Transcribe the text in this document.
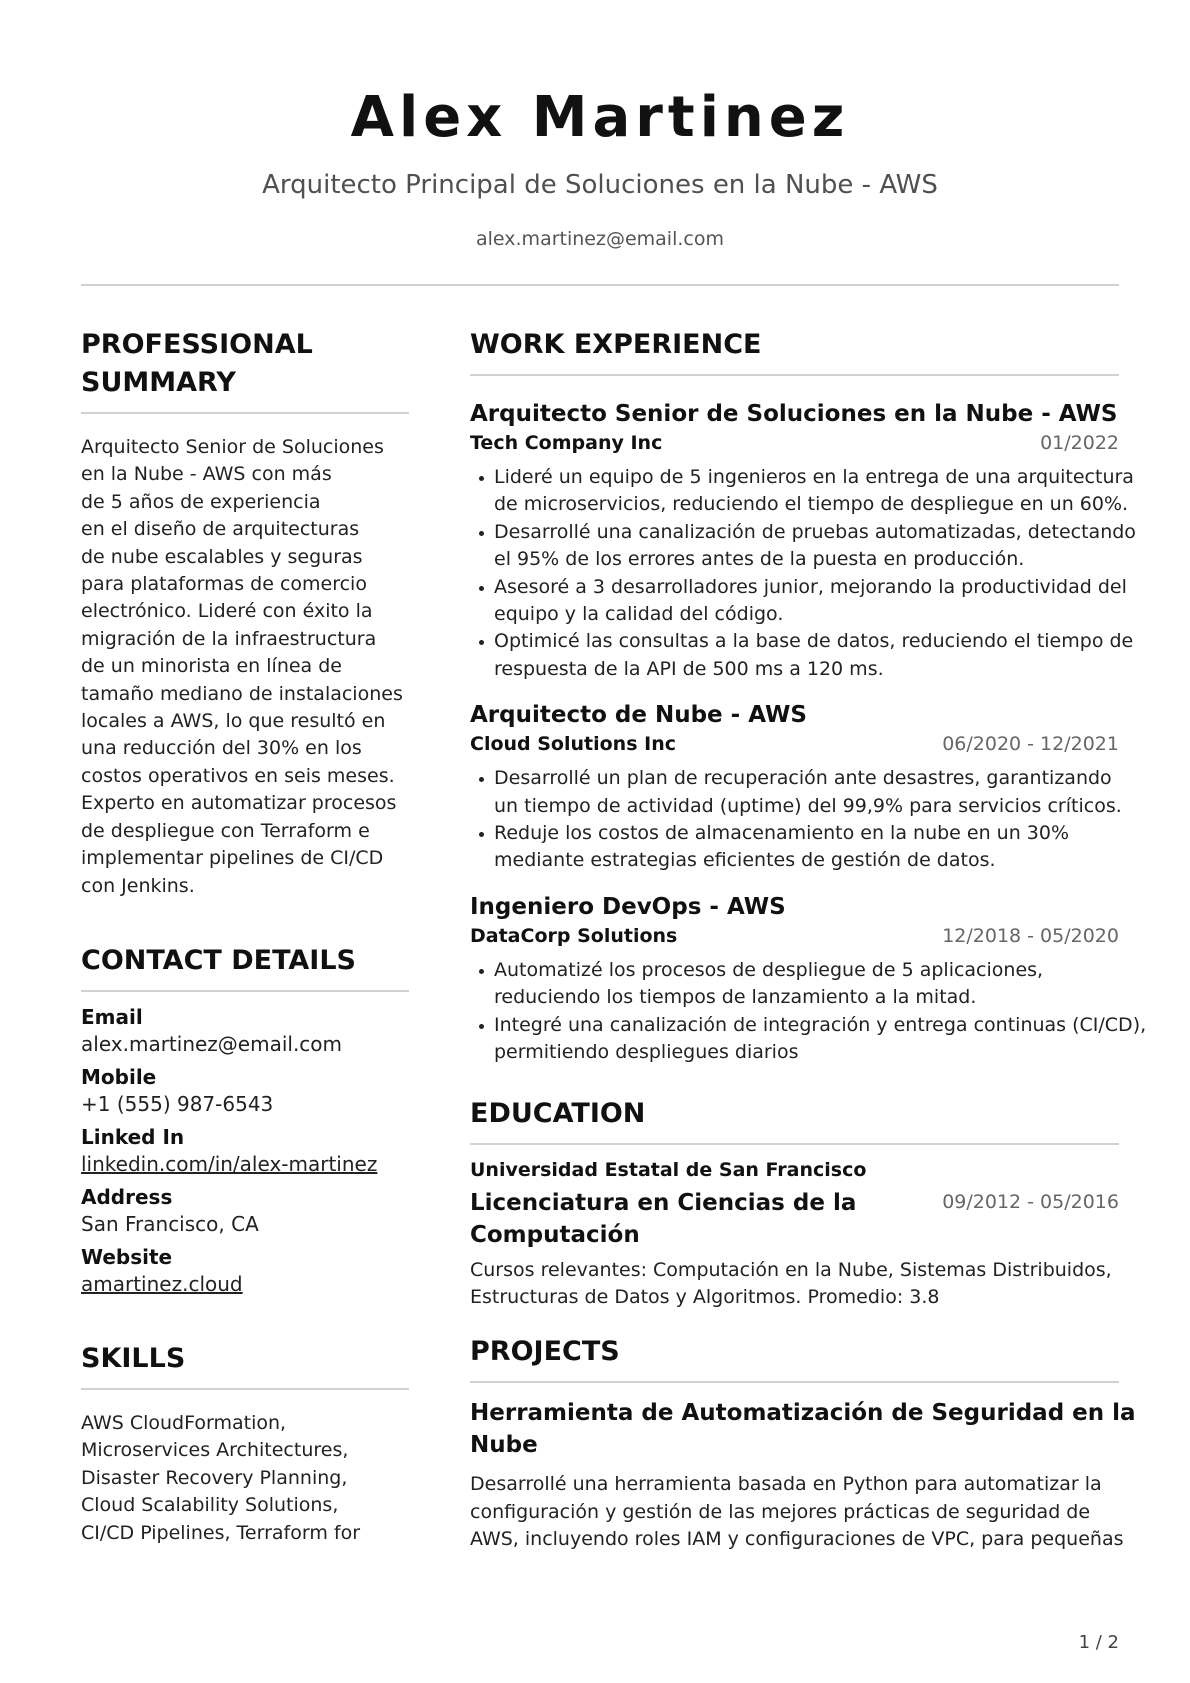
Alex Martinez
Arquitecto Principal de Soluciones en la Nube - AWS
alex.martinez@email.com
PROFESSIONAL
SUMMARY
Arquitecto Senior de Soluciones
en la Nube - AWS con más
de 5 años de experiencia
en el diseño de arquitecturas
de nube escalables y seguras
para plataformas de comercio
electrónico. Lideré con éxito la
migración de la infraestructura
de un minorista en línea de
tamaño mediano de instalaciones
locales a AWS, lo que resultó en
una reducción del 30% en los
costos operativos en seis meses.
Experto en automatizar procesos
de despliegue con Terraform e
implementar pipelines de CI/CD
con Jenkins.
CONTACT DETAILS
Email
alex.martinez@email.com
Mobile
+1 (555) 987-6543
Linked In
linkedin.com/in/alex-martinez
Address
San Francisco, CA
Website
amartinez.cloud
SKILLS
AWS CloudFormation,
Microservices Architectures,
Disaster Recovery Planning,
Cloud Scalability Solutions,
CI/CD Pipelines, Terraform for
WORK EXPERIENCE
Arquitecto Senior de Soluciones en la Nube - AWS
Tech Company Inc	01/2022
Lideré un equipo de 5 ingenieros en la entrega de una arquitectura
de microservicios, reduciendo el tiempo de despliegue en un 60%.
Desarrollé una canalización de pruebas automatizadas, detectando
el 95% de los errores antes de la puesta en producción.
Asesoré a 3 desarrolladores junior, mejorando la productividad del
equipo y la calidad del código.
Optimicé las consultas a la base de datos, reduciendo el tiempo de
respuesta de la API de 500 ms a 120 ms.
Arquitecto de Nube - AWS
Cloud Solutions Inc	06/2020 - 12/2021
Desarrollé un plan de recuperación ante desastres, garantizando
un tiempo de actividad (uptime) del 99,9% para servicios críticos.
Reduje los costos de almacenamiento en la nube en un 30%
mediante estrategias eficientes de gestión de datos.
Ingeniero DevOps - AWS
DataCorp Solutions	12/2018 - 05/2020
Automatizé los procesos de despliegue de 5 aplicaciones,
reduciendo los tiempos de lanzamiento a la mitad.
Integré una canalización de integración y entrega continuas (CI/CD),
permitiendo despliegues diarios
EDUCATION
Universidad Estatal de San Francisco
Licenciatura en Ciencias de la
Computación
09/2012 - 05/2016
Cursos relevantes: Computación en la Nube, Sistemas Distribuidos,
Estructuras de Datos y Algoritmos. Promedio: 3.8
PROJECTS
Herramienta de Automatización de Seguridad en la
Nube
Desarrollé una herramienta basada en Python para automatizar la
configuración y gestión de las mejores prácticas de seguridad de
AWS, incluyendo roles IAM y configuraciones de VPC, para pequeñas
1 / 2
